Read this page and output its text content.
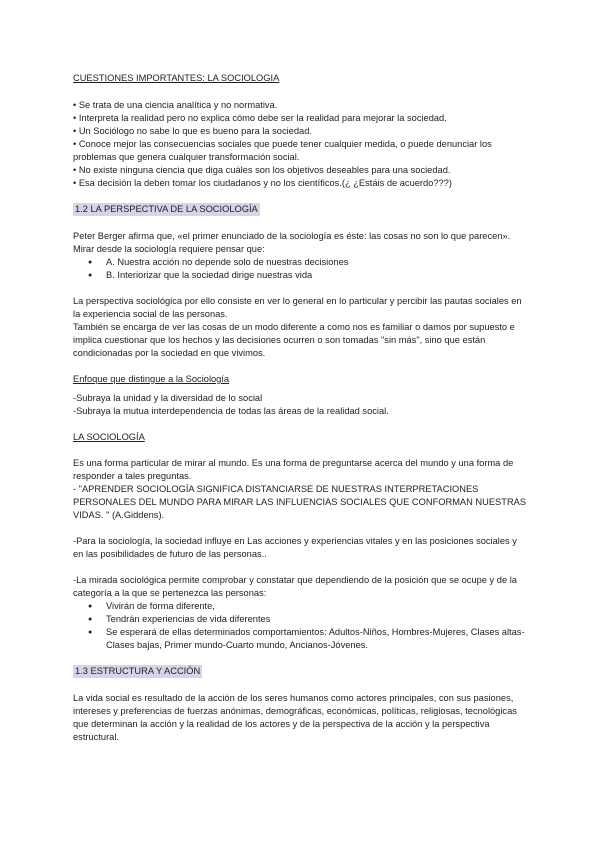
CUESTIONES IMPORTANTES: LA SOCIOLOGIA

• Se trata de una ciencia analítica y no normativa.

• Interpreta la realidad pero no explica cómo debe ser la realidad para mejorar la sociedad.

• Un Sociólogo no sabe lo que es bueno para la sociedad.

• Conoce mejor las consecuencias sociales que puede tener cualquier medida, o puede denunciar los problemas que genera cualquier transformación social.

• No existe ninguna ciencia que diga cuáles son los objetivos deseables para una sociedad.

• Esa decisión la deben tomar los ciudadanos y no los científicos.(¿ ¿Estáis de acuerdo???)

1.2 LA PERSPECTIVA DE LA SOCIOLOGÍA

Peter Berger afirma que, «el primer enunciado de la sociología es éste: las cosas no son lo que parecen». Mirar desde la sociología requiere pensar que:

● A. Nuestra acción no depende solo de nuestras decisiones
● B. Interiorizar que la sociedad dirige nuestras vida

La perspectiva sociológica por ello consiste en ver lo general en lo particular y percibir las pautas sociales en la experiencia social de las personas.

También se encarga de ver las cosas de un modo diferente a como nos es familiar o damos por supuesto e implica cuestionar que los hechos y las decisiones ocurren o son tomadas "sin más", sino que están condicionadas por la sociedad en que vivimos.

Enfoque que distingue a la Sociología

-Subraya la unidad y la diversidad de lo social

-Subraya la mutua interdependencia de todas las áreas de la realidad social.

LA SOCIOLOGÍA

Es una forma particular de mirar al mundo. Es una forma de preguntarse acerca del mundo y una forma de responder a tales preguntas.

- "APRENDER SOCIOLOGÍA SIGNIFICA DISTANCIARSE DE NUESTRAS INTERPRETACIONES PERSONALES DEL MUNDO PARA MIRAR LAS INFLUENCIAS SOCIALES QUE CONFORMAN NUESTRAS VIDAS. " (A.Giddens).

-Para la sociología, la sociedad influye en Las acciones y experiencias vitales y en las posiciones sociales y en las posibilidades de futuro de las personas..

-La mirada sociológica permite comprobar y constatar que dependiendo de la posición que se ocupe y de la categoría a la que se pertenezca las personas:

● Vivirán de forma diferente,
● Tendrán experiencias de vida diferentes
● Se esperará de ellas determinados comportamientos: Adultos-Niños, Hombres-Mujeres, Clases altas-Clases bajas, Primer mundo-Cuarto mundo, Ancianos-Jóvenes.

1.3 ESTRUCTURA Y ACCIÓN

La vida social es resultado de la acción de los seres humanos como actores principales, con sus pasiones, intereses y preferencias de fuerzas anónimas, demográficas, económicas, políticas, religiosas, tecnológicas que determinan la acción y la realidad de los actores y de la perspectiva de la acción y la perspectiva estructural.
